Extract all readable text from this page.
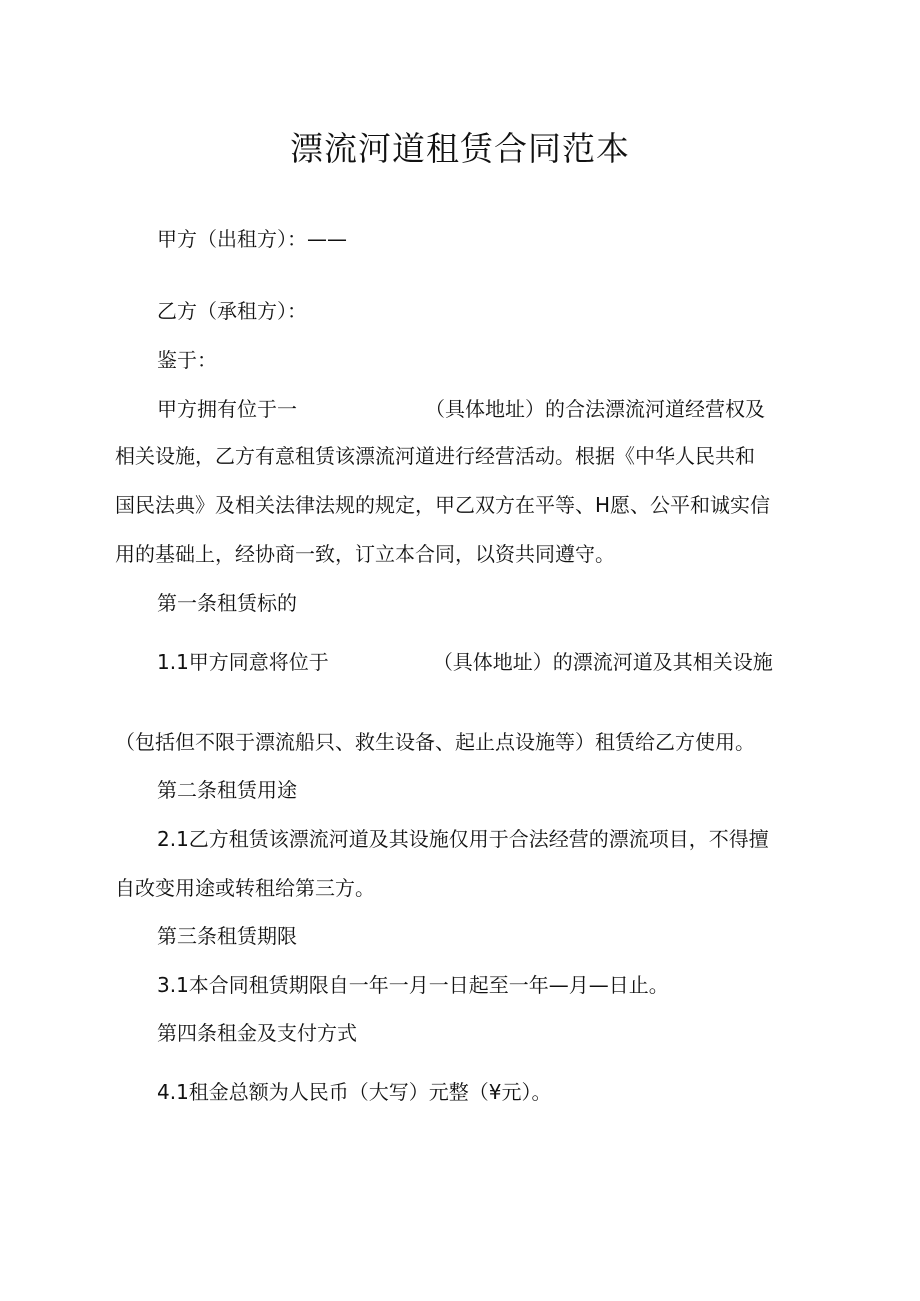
漂流河道租赁合同范本

甲方（出租方）：——

乙方（承租方）：

鉴于：

甲方拥有位于一	（具体地址）的合法漂流河道经营权及

相关设施，乙方有意租赁该漂流河道进行经营活动。根据《中华人民共和

国民法典》及相关法律法规的规定，甲乙双方在平等、H愿、公平和诚实信

用的基础上，经协商一致，订立本合同，以资共同遵守。

第一条租赁标的

1.1甲方同意将位于	（具体地址）的漂流河道及其相关设施

（包括但不限于漂流船只、救生设备、起止点设施等）租赁给乙方使用。

第二条租赁用途

2.1乙方租赁该漂流河道及其设施仅用于合法经营的漂流项目，不得擅

自改变用途或转租给第三方。

第三条租赁期限

3.1本合同租赁期限自一年一月一日起至一年—月—日止。

第四条租金及支付方式

4.1租金总额为人民币（大写）元整（¥元）。
